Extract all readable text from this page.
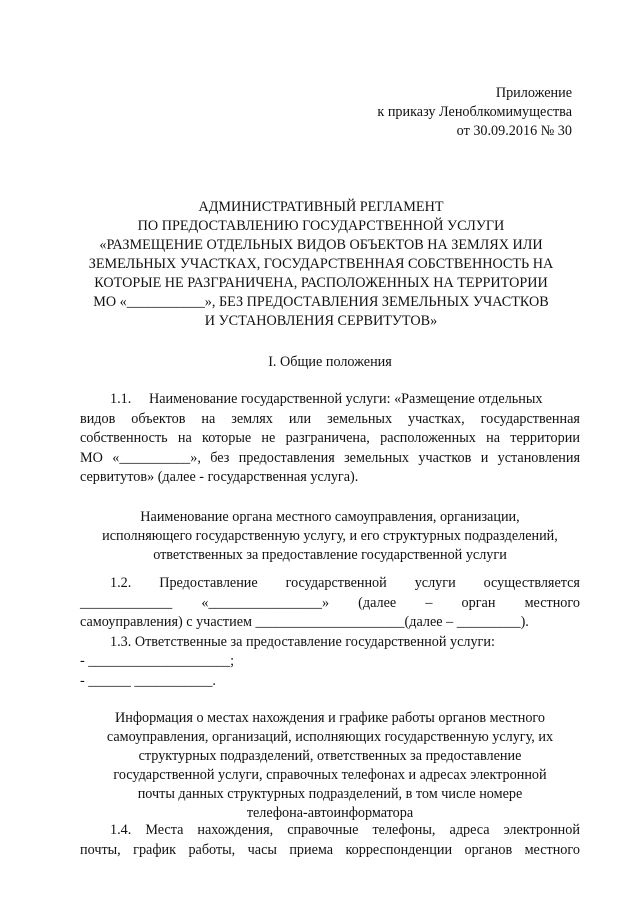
Приложение
к приказу Леноблкомимущества
от 30.09.2016 № 30
АДМИНИСТРАТИВНЫЙ РЕГЛАМЕНТ
ПО ПРЕДОСТАВЛЕНИЮ ГОСУДАРСТВЕННОЙ УСЛУГИ
«РАЗМЕЩЕНИЕ ОТДЕЛЬНЫХ ВИДОВ ОБЪЕКТОВ НА ЗЕМЛЯХ ИЛИ
ЗЕМЕЛЬНЫХ УЧАСТКАХ, ГОСУДАРСТВЕННАЯ СОБСТВЕННОСТЬ НА
КОТОРЫЕ НЕ РАЗГРАНИЧЕНА, РАСПОЛОЖЕННЫХ НА ТЕРРИТОРИИ
МО «___________», БЕЗ ПРЕДОСТАВЛЕНИЯ ЗЕМЕЛЬНЫХ УЧАСТКОВ
И УСТАНОВЛЕНИЯ СЕРВИТУТОВ»
I. Общие положения
1.1. Наименование государственной услуги: «Размещение отдельных
видов объектов на землях или земельных участках, государственная
собственность на которые не разграничена, расположенных на территории
МО «__________», без предоставления земельных участков и установления
сервитутов» (далее - государственная услуга).
Наименование органа местного самоуправления, организации,
исполняющего государственную услугу, и его структурных подразделений,
ответственных за предоставление государственной услуги
1.2. Предоставление государственной услуги осуществляется
_____________ «________________» (далее – орган местного
самоуправления) с участием _____________________(далее – _________).
1.3. Ответственные за предоставление государственной услуги:
- ____________________;
- ______ ___________.
Информация о местах нахождения и графике работы органов местного
самоуправления, организаций, исполняющих государственную услугу, их
структурных подразделений, ответственных за предоставление
государственной услуги, справочных телефонах и адресах электронной
почты данных структурных подразделений, в том числе номере
телефона-автоинформатора
1.4. Места нахождения, справочные телефоны, адреса электронной
почты, график работы, часы приема корреспонденции органов местного
